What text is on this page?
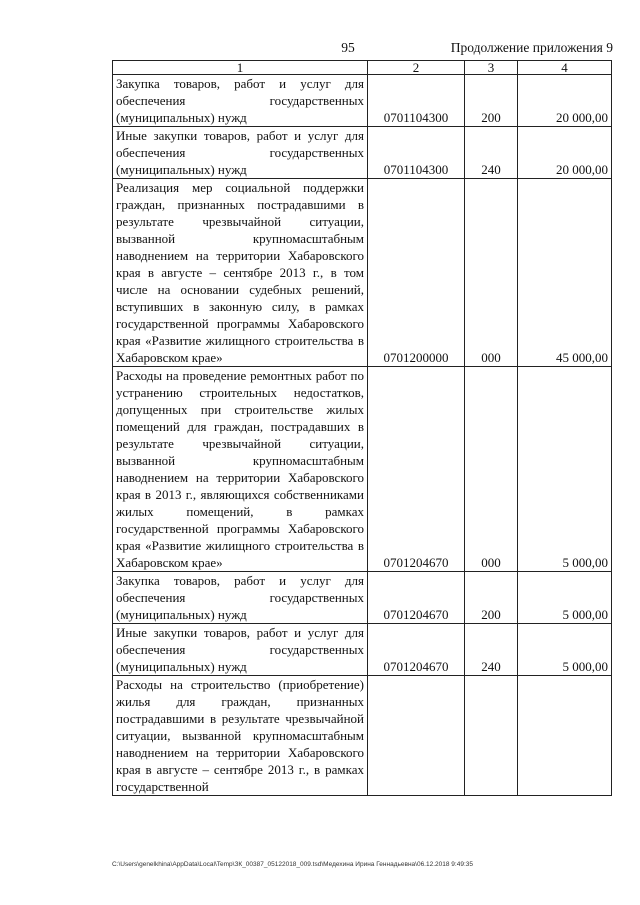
95	Продолжение приложения 9
1	2	3	4
Закупка товаров, работ и услуг для обеспечения государственных (муниципальных) нужд	0701104300	200	20 000,00
Иные закупки товаров, работ и услуг для обеспечения государственных (муниципальных) нужд	0701104300	240	20 000,00
Реализация мер социальной поддержки граждан, признанных пострадавшими в результате чрезвычайной ситуации, вызванной крупномасштабным наводнением на территории Хабаровского края в августе – сентябре 2013 г., в том числе на основании судебных решений, вступивших в законную силу, в рамках государственной программы Хабаровского края «Развитие жилищного строительства в Хабаровском крае»	0701200000	000	45 000,00
Расходы на проведение ремонтных работ по устранению строительных недостатков, допущенных при строительстве жилых помещений для граждан, пострадавших в результате чрезвычайной ситуации, вызванной крупномасштабным наводнением на территории Хабаровского края в 2013 г., являющихся собственниками жилых помещений, в рамках государственной программы Хабаровского края «Развитие жилищного строительства в Хабаровском крае»	0701204670	000	5 000,00
Закупка товаров, работ и услуг для обеспечения государственных (муниципальных) нужд	0701204670	200	5 000,00
Иные закупки товаров, работ и услуг для обеспечения государственных (муниципальных) нужд	0701204670	240	5 000,00
Расходы на строительство (приобретение) жилья для граждан, признанных пострадавшими в результате чрезвычайной ситуации, вызванной крупномасштабным наводнением на территории Хабаровского края в августе – сентябре 2013 г., в рамках государственной			
C:\Users\genelkhina\AppData\Local\Temp\ЗК_00387_05122018_009.tsd\Медехина Ирина Геннадьевна\06.12.2018 9:49:35
